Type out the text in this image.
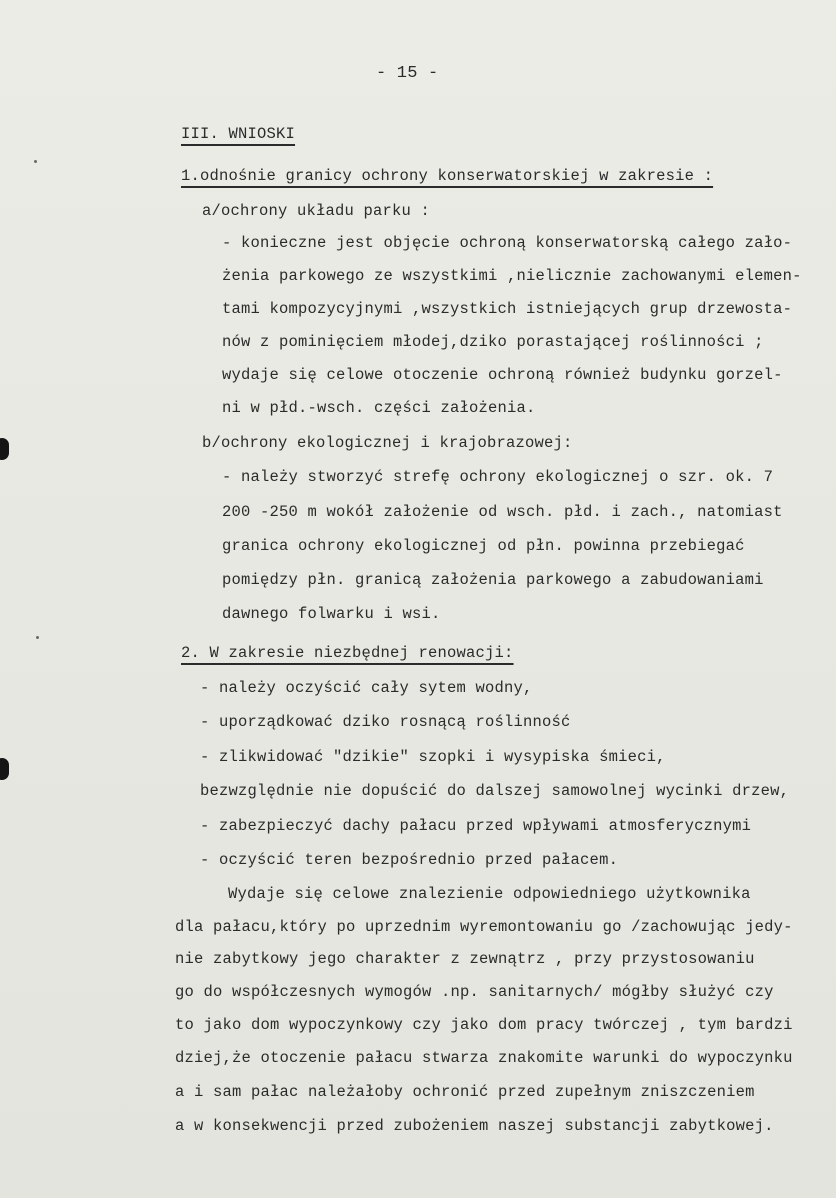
- 15 -
III. WNIOSKI
1.odnośnie granicy ochrony konserwatorskiej w zakresie :
a/ochrony układu parku :
- konieczne jest objęcie ochroną konserwatorską całego zało-
żenia parkowego ze wszystkimi ,nielicznie zachowanymi elemen-
tami kompozycyjnymi ,wszystkich istniejących grup drzewosta-
nów z pominięciem młodej,dziko porastającej roślinności ;
wydaje się celowe otoczenie ochroną również budynku gorzel-
ni w płd.-wsch. części założenia.
b/ochrony ekologicznej i krajobrazowej:
- należy stworzyć strefę ochrony ekologicznej o szr. ok. 7
200 -250 m wokół założenie od wsch. płd. i zach., natomiast
granica ochrony ekologicznej od płn. powinna przebiegać
pomiędzy płn. granicą założenia parkowego a zabudowaniami
dawnego folwarku i wsi.
2. W zakresie niezbędnej renowacji:
- należy oczyścić cały sytem wodny,
- uporządkować dziko rosnącą roślinność
- zlikwidować "dzikie" szopki i wysypiska śmieci,
bezwzględnie nie dopuścić do dalszej samowolnej wycinki drzew,
- zabezpieczyć dachy pałacu przed wpływami atmosferycznymi
- oczyścić teren bezpośrednio przed pałacem.
Wydaje się celowe znalezienie odpowiedniego użytkownika
dla pałacu,który po uprzednim wyremontowaniu go /zachowując jedy-
nie zabytkowy jego charakter z zewnątrz , przy przystosowaniu
go do współczesnych wymogów .np. sanitarnych/ mógłby służyć czy
to jako dom wypoczynkowy czy jako dom pracy twórczej , tym bardzi
dziej,że otoczenie pałacu stwarza znakomite warunki do wypoczynku
a i sam pałac należałoby ochronić przed zupełnym zniszczeniem
a w konsekwencji przed zubożeniem naszej substancji zabytkowej.
